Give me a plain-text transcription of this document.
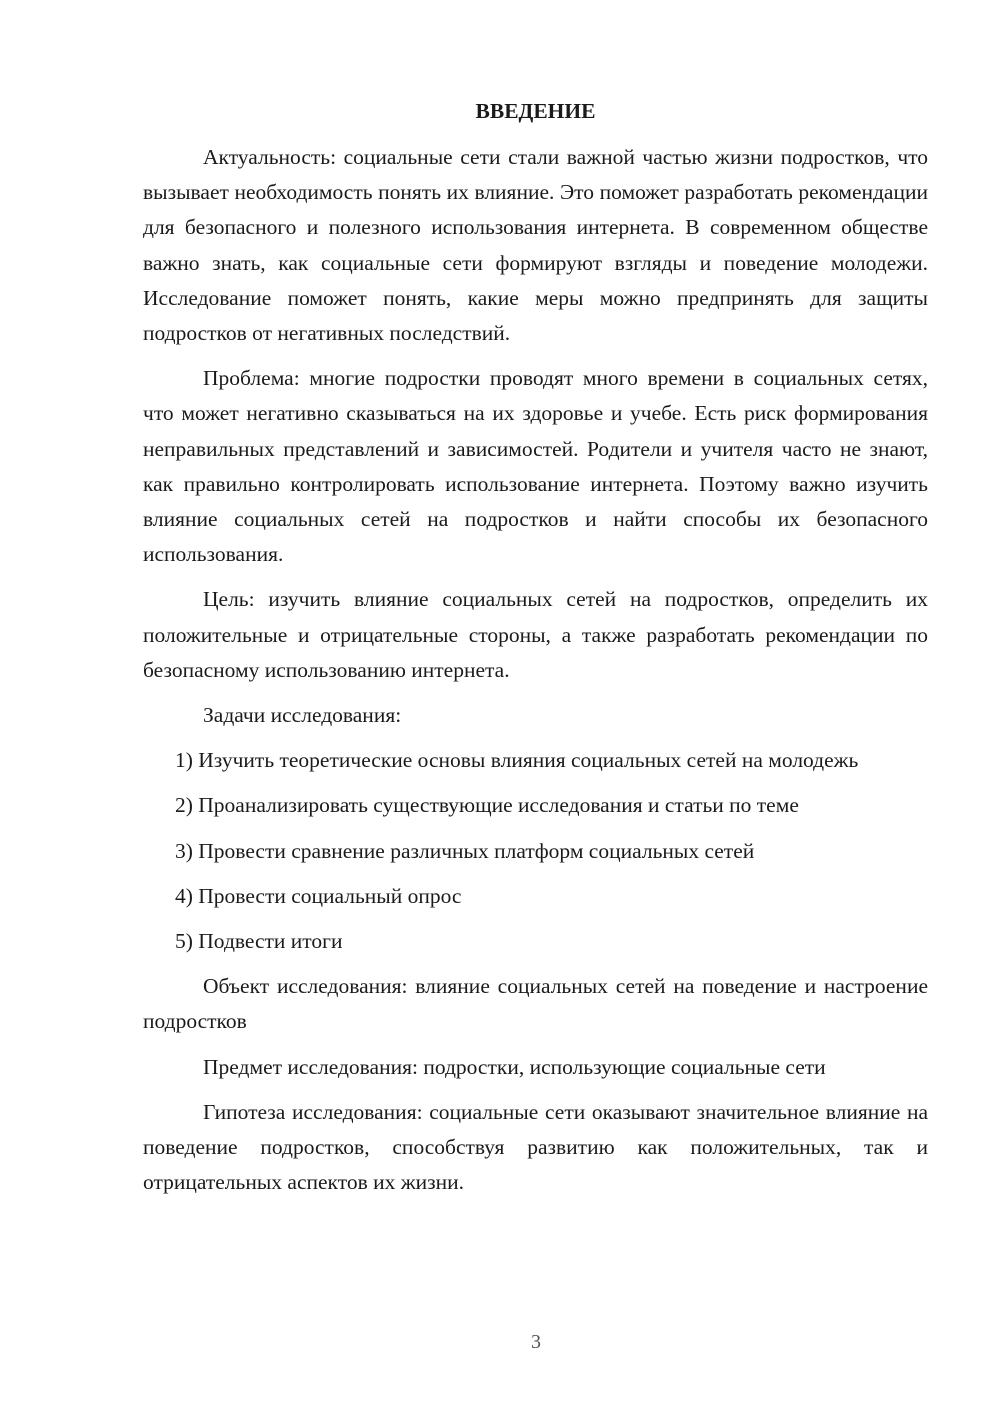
ВВЕДЕНИЕ

Актуальность: социальные сети стали важной частью жизни подростков, что вызывает необходимость понять их влияние. Это поможет разработать рекомендации для безопасного и полезного использования интернета. В современном обществе важно знать, как социальные сети формируют взгляды и поведение молодежи. Исследование поможет понять, какие меры можно предпринять для защиты подростков от негативных последствий.

Проблема: многие подростки проводят много времени в социальных сетях, что может негативно сказываться на их здоровье и учебе. Есть риск формирования неправильных представлений и зависимостей. Родители и учителя часто не знают, как правильно контролировать использование интернета. Поэтому важно изучить влияние социальных сетей на подростков и найти способы их безопасного использования.

Цель: изучить влияние социальных сетей на подростков, определить их положительные и отрицательные стороны, а также разработать рекомендации по безопасному использованию интернета.

Задачи исследования:

1) Изучить теоретические основы влияния социальных сетей на молодежь

2) Проанализировать существующие исследования и статьи по теме

3) Провести сравнение различных платформ социальных сетей

4) Провести социальный опрос

5) Подвести итоги

Объект исследования: влияние социальных сетей на поведение и настроение подростков

Предмет исследования: подростки, использующие социальные сети

Гипотеза исследования: социальные сети оказывают значительное влияние на поведение подростков, способствуя развитию как положительных, так и отрицательных аспектов их жизни.

3
